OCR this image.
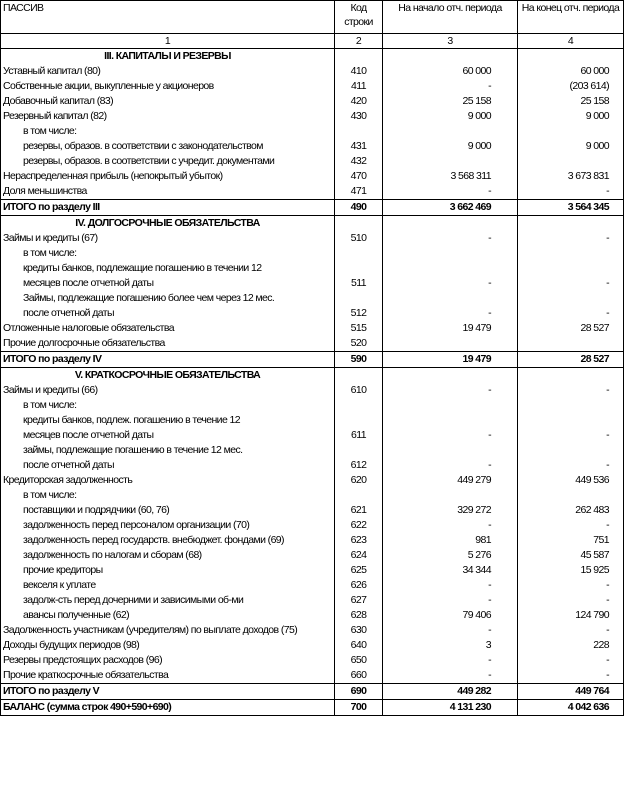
ПАССИВ	Код строки	На начало отч. периода	На конец отч. периода
1	2	3	4
III. КАПИТАЛЫ И РЕЗЕРВЫ			
Уставный капитал (80)	410	60 000	60 000
Собственные акции, выкупленные у акционеров	411	-	(203 614)
Добавочный капитал (83)	420	25 158	25 158
Резервный капитал (82)	430	9 000	9 000

в том числе:
резервы, образов. в соответствии с законодательством	431	9 000	9 000
резервы, образов. в соответствии с учредит. документами	432		
Нераспределенная прибыль (непокрытый убыток)	470	3 568 311	3 673 831
Доля меньшинства	471	-	-
ИТОГО по разделу III	490	3 662 469	3 564 345
IV. ДОЛГОСРОЧНЫЕ ОБЯЗАТЕЛЬСТВА			
Займы и кредиты (67)	510	-	-

в том числе:
кредиты банков, подлежащие погашению в течении 12
месяцев после отчетной даты	511	-	-

Займы, подлежащие погашению более чем через 12 мес.
после отчетной даты	512	-	-
Отложенные налоговые обязательства	515	19 479	28 527
Прочие долгосрочные обязательства	520		
ИТОГО по разделу IV	590	19 479	28 527
V. КРАТКОСРОЧНЫЕ ОБЯЗАТЕЛЬСТВА			
Займы и кредиты (66)	610	-	-

в том числе:
кредиты банков, подлеж. погашению в течение 12
месяцев после отчетной даты	611	-	-

займы, подлежащие погашению в течение 12 мес.
после отчетной даты	612	-	-
Кредиторская задолженность	620	449 279	449 536

в том числе:
поставщики и подрядчики (60, 76)	621	329 272	262 483
задолженность перед персоналом организации (70)	622	-	-
задолженность перед государств. внебюджет. фондами (69)	623	981	751
задолженность по налогам и сборам (68)	624	5 276	45 587
прочие кредиторы	625	34 344	15 925
векселя к уплате	626	-	-
задолж-сть перед дочерними и зависимыми об-ми	627	-	-
авансы полученные (62)	628	79 406	124 790
Задолженность участникам (учредителям) по выплате доходов (75)	630	-	-
Доходы будущих периодов (98)	640	3	228
Резервы предстоящих расходов (96)	650	-	-
Прочие краткосрочные обязательства	660	-	-
ИТОГО по разделу V	690	449 282	449 764
БАЛАНС (сумма строк 490+590+690)	700	4 131 230	4 042 636
